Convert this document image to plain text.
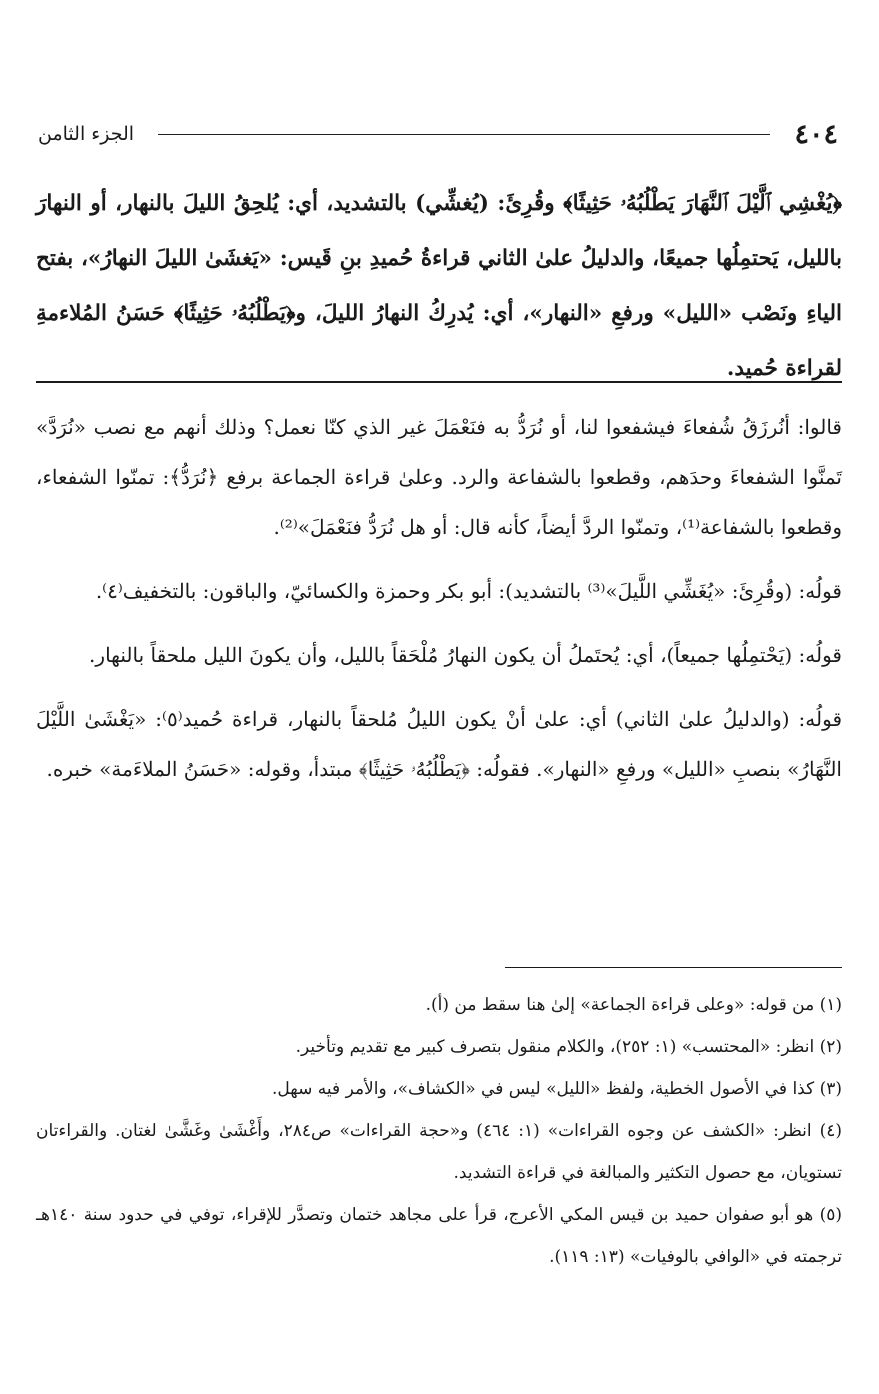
٤٠٤
الجزء الثامن

﴿يُغْشِي ٱلَّيْلَ ٱلنَّهَارَ يَطْلُبُهُۥ حَثِيثًا﴾ وقُرِئَ: (يُغشِّي) بالتشديد، أي: يُلحِقُ الليلَ بالنهار، أو النهارَ بالليل، يَحتمِلُها جميعًا، والدليلُ علىٰ الثاني قراءةُ حُميدِ بنِ قَيس: «يَغشَىٰ الليلَ النهارُ»، بفتح الياءِ ونَصْب «الليل» ورفعِ «النهار»، أي: يُدرِكُ النهارُ الليلَ، و﴿يَطْلُبُهُۥ حَثِيثًا﴾ حَسَنُ المُلاءمةِ لقراءة حُميد.

قالوا: أنُرزَقُ شُفعاءَ فيشفعوا لنا، أو نُرَدُّ به فنَعْمَلَ غير الذي كنّا نعمل؟ وذلك أنهم مع نصب «نُرَدَّ» تَمنَّوا الشفعاءَ وحدَهم، وقطعوا بالشفاعة والرد. وعلىٰ قراءة الجماعة برفع ﴿نُرَدُّ﴾: تمنّوا الشفعاء، وقطعوا بالشفاعة⁽¹⁾، وتمنّوا الردَّ أيضاً، كأنه قال: أو هل نُرَدُّ فنَعْمَلَ»⁽²⁾.

قولُه: (وقُرِئَ: «يُغَشِّي اللَّيلَ»⁽³⁾ بالتشديد): أبو بكر وحمزة والكسائيّ، والباقون: بالتخفيف⁽٤⁾.

قولُه: (يَحْتمِلُها جميعاً)، أي: يُحتَملُ أن يكون النهارُ مُلْحَقاً بالليل، وأن يكونَ الليل ملحقاً بالنهار.

قولُه: (والدليلُ علىٰ الثاني) أي: علىٰ أنْ يكون الليلُ مُلحقاً بالنهار، قراءة حُميد⁽٥⁾: «يَغْشَىٰ اللَّيْلَ النَّهَارُ» بنصبِ «الليل» ورفعِ «النهار». فقولُه: ﴿يَطْلُبُهُۥ حَثِيثًا﴾ مبتدأ، وقوله: «حَسَنُ الملاءَمة» خبره.

(١) من قوله: «وعلى قراءة الجماعة» إلىٰ هنا سقط من (أ).

(٢) انظر: «المحتسب» (١: ٢٥٢)، والكلام منقول بتصرف كبير مع تقديم وتأخير.

(٣) كذا في الأصول الخطية، ولفظ «الليل» ليس في «الكشاف»، والأمر فيه سهل.

(٤) انظر: «الكشف عن وجوه القراءات» (١: ٤٦٤) و«حجة القراءات» ص٢٨٤، وأَغْشَىٰ وغَشَّىٰ لغتان. والقراءتان تستويان، مع حصول التكثير والمبالغة في قراءة التشديد.

(٥) هو أبو صفوان حميد بن قيس المكي الأعرج، قرأ على مجاهد ختمان وتصدَّر للإقراء، توفي في حدود سنة ١٤٠هـ ترجمته في «الوافي بالوفيات» (١٣: ١١٩).
